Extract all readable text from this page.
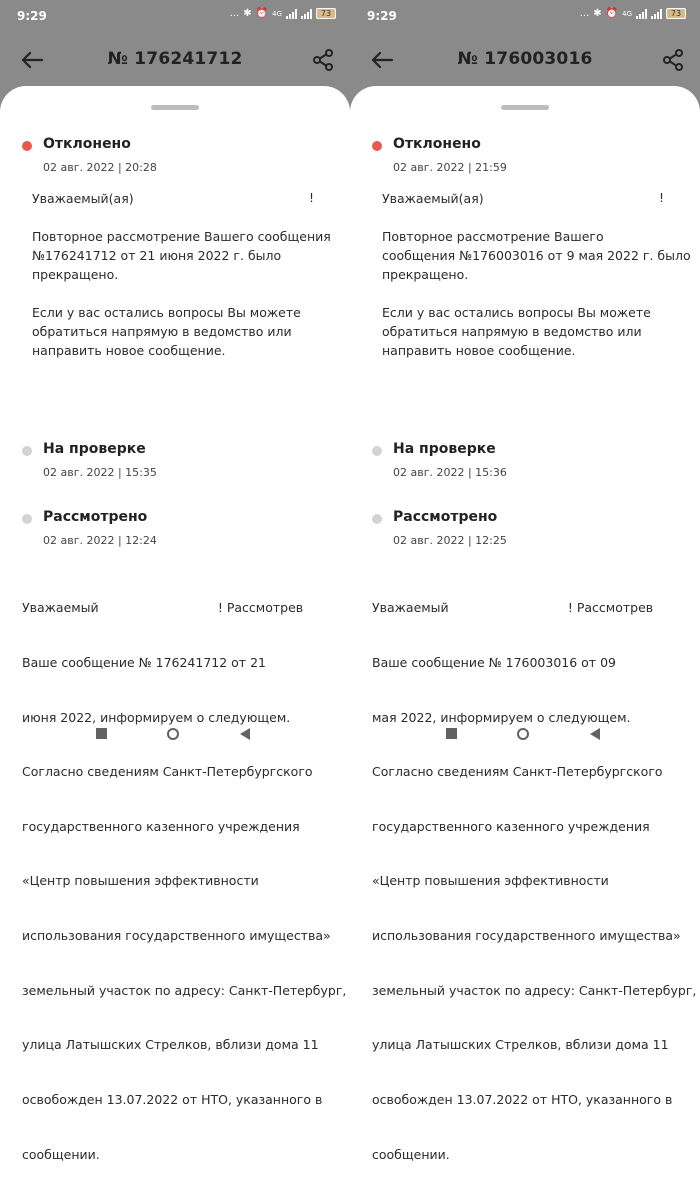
9:29	... ✱ ⏰ 4G	73
№ 176241712
Отклонено
02 авг. 2022 | 20:28

Уважаемый(ая)

Повторное рассмотрение Вашего сообщения

№176241712 от 21 июня 2022 г. было

прекращено.

Если у вас остались вопросы Вы можете

обратиться напрямую в ведомство или

направить новое сообщение.

!
На проверке
02 авг. 2022 | 15:35
Рассмотрено
02 авг. 2022 | 12:24

Уважаемый                              ! Рассмотрев

Ваше сообщение № 176241712 от 21

июня 2022, информируем о следующем.

Согласно сведениям Санкт-Петербургского

государственного казенного учреждения

«Центр повышения эффективности

использования государственного имущества»

земельный участок по адресу: Санкт-Петербург,

улица Латышских Стрелков, вблизи дома 11

освобожден 13.07.2022 от НТО, указанного в

сообщении.

9:29	... ✱ ⏰ 4G	73
№ 176003016
Отклонено
02 авг. 2022 | 21:59

Уважаемый(ая)

Повторное рассмотрение Вашего

сообщения №176003016 от 9 мая 2022 г. было

прекращено.

Если у вас остались вопросы Вы можете

обратиться напрямую в ведомство или

направить новое сообщение.

!
На проверке
02 авг. 2022 | 15:36
Рассмотрено
02 авг. 2022 | 12:25

Уважаемый                              ! Рассмотрев

Ваше сообщение № 176003016 от 09

мая 2022, информируем о следующем.

Согласно сведениям Санкт-Петербургского

государственного казенного учреждения

«Центр повышения эффективности

использования государственного имущества»

земельный участок по адресу: Санкт-Петербург,

улица Латышских Стрелков, вблизи дома 11

освобожден 13.07.2022 от НТО, указанного в

сообщении.
